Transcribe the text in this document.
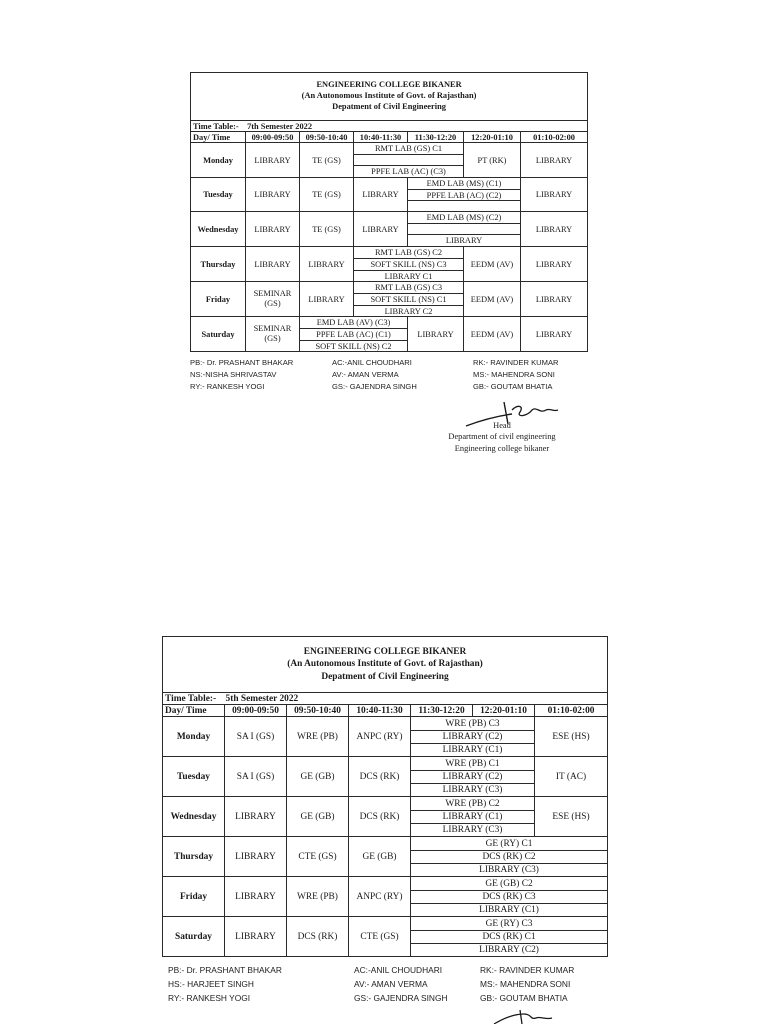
ENGINEERING COLLEGE BIKANER
(An Autonomous Institute of Govt. of Rajasthan)
Depatment of Civil Engineering						

Time Table:- 7th Semester 2022						
Day/ Time	09:00-09:50	09:50-10:40	10:40-11:30	11:30-12:20	12:20-01:10	01:10-02:00
Monday	LIBRARY	TE (GS)	RMT LAB (GS) C1		PT (RK)	LIBRARY

			PPFE LAB (AC) (C3)			
Tuesday	LIBRARY	TE (GS)	LIBRARY	EMD LAB (MS) (C1)		LIBRARY
				PPFE LAB (AC) (C2)		

Wednesday	LIBRARY	TE (GS)	LIBRARY	EMD LAB (MS) (C2)		LIBRARY

				LIBRARY		
Thursday	LIBRARY	LIBRARY	RMT LAB (GS) C2		EEDM (AV)	LIBRARY
			SOFT SKILL (NS) C3			
			LIBRARY C1			
Friday	SEMINAR (GS)	LIBRARY	RMT LAB (GS) C3		EEDM (AV)	LIBRARY
			SOFT SKILL (NS) C1			
			LIBRARY C2			
Saturday	SEMINAR (GS)	EMD LAB (AV) (C3)		LIBRARY	EEDM (AV)	LIBRARY
		PPFE LAB (AC) (C1)				
		SOFT SKILL (NS) C2				
PB:- Dr. PRASHANT BHAKAR	AC:-ANIL CHOUDHARI	RK:- RAVINDER KUMAR
NS:-NISHA SHRIVASTAV	AV:- AMAN VERMA	MS:- MAHENDRA SONI
RY:- RANKESH YOGI	GS:- GAJENDRA SINGH	GB:- GOUTAM BHATIA
Head
Department of civil engineering
Engineering college bikaner
ENGINEERING COLLEGE BIKANER
(An Autonomous Institute of Govt. of Rajasthan)
Depatment of Civil Engineering						

Time Table:- 5th Semester 2022						
Day/ Time	09:00-09:50	09:50-10:40	10:40-11:30	11:30-12:20	12:20-01:10	01:10-02:00
Monday	SA I (GS)	WRE (PB)	ANPC (RY)	WRE (PB) C3		ESE (HS)
				LIBRARY (C2)		
				LIBRARY (C1)		
Tuesday	SA I (GS)	GE (GB)	DCS (RK)	WRE (PB) C1		IT (AC)
				LIBRARY (C2)		
				LIBRARY (C3)		
Wednesday	LIBRARY	GE (GB)	DCS (RK)	WRE (PB) C2		ESE (HS)
				LIBRARY (C1)		
				LIBRARY (C3)		
Thursday	LIBRARY	CTE (GS)	GE (GB)	GE (RY) C1		
				DCS (RK) C2		
				LIBRARY (C3)		
Friday	LIBRARY	WRE (PB)	ANPC (RY)	GE (GB) C2		
				DCS (RK) C3		
				LIBRARY (C1)		
Saturday	LIBRARY	DCS (RK)	CTE (GS)	GE (RY) C3		
				DCS (RK) C1		
				LIBRARY (C2)		
PB:- Dr. PRASHANT BHAKAR	AC:-ANIL CHOUDHARI	RK:- RAVINDER KUMAR
HS:- HARJEET SINGH	AV:- AMAN VERMA	MS:- MAHENDRA SONI
RY:- RANKESH YOGI	GS:- GAJENDRA SINGH	GB:- GOUTAM BHATIA
